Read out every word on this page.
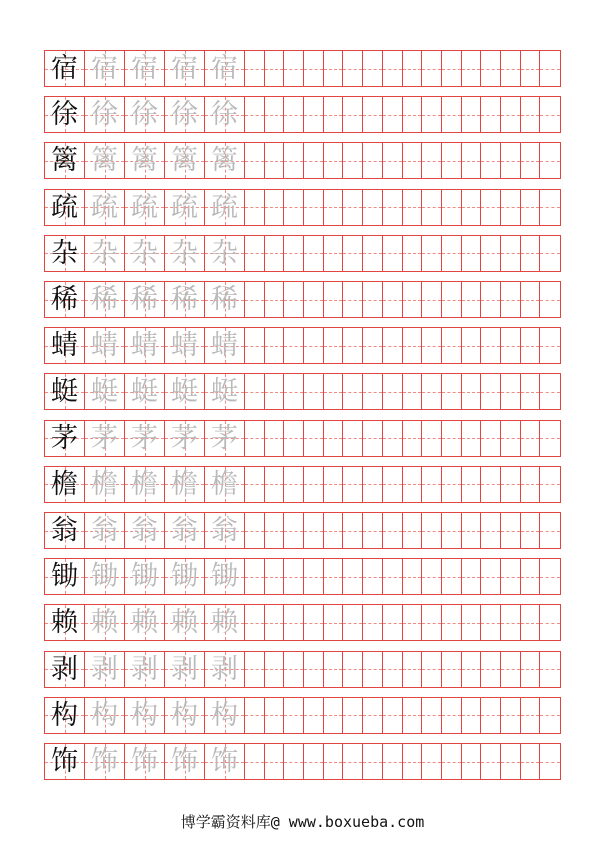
宿 宿 宿 宿 宿
徐 徐 徐 徐 徐
篱 篱 篱 篱 篱
疏 疏 疏 疏 疏
杂 杂 杂 杂 杂
稀 稀 稀 稀 稀
蜻 蜻 蜻 蜻 蜻
蜓 蜓 蜓 蜓 蜓
茅 茅 茅 茅 茅
檐 檐 檐 檐 檐
翁 翁 翁 翁 翁
锄 锄 锄 锄 锄
赖 赖 赖 赖 赖
剥 剥 剥 剥 剥
构 构 构 构 构
饰 饰 饰 饰 饰
博学霸资料库@ www.boxueba.com
